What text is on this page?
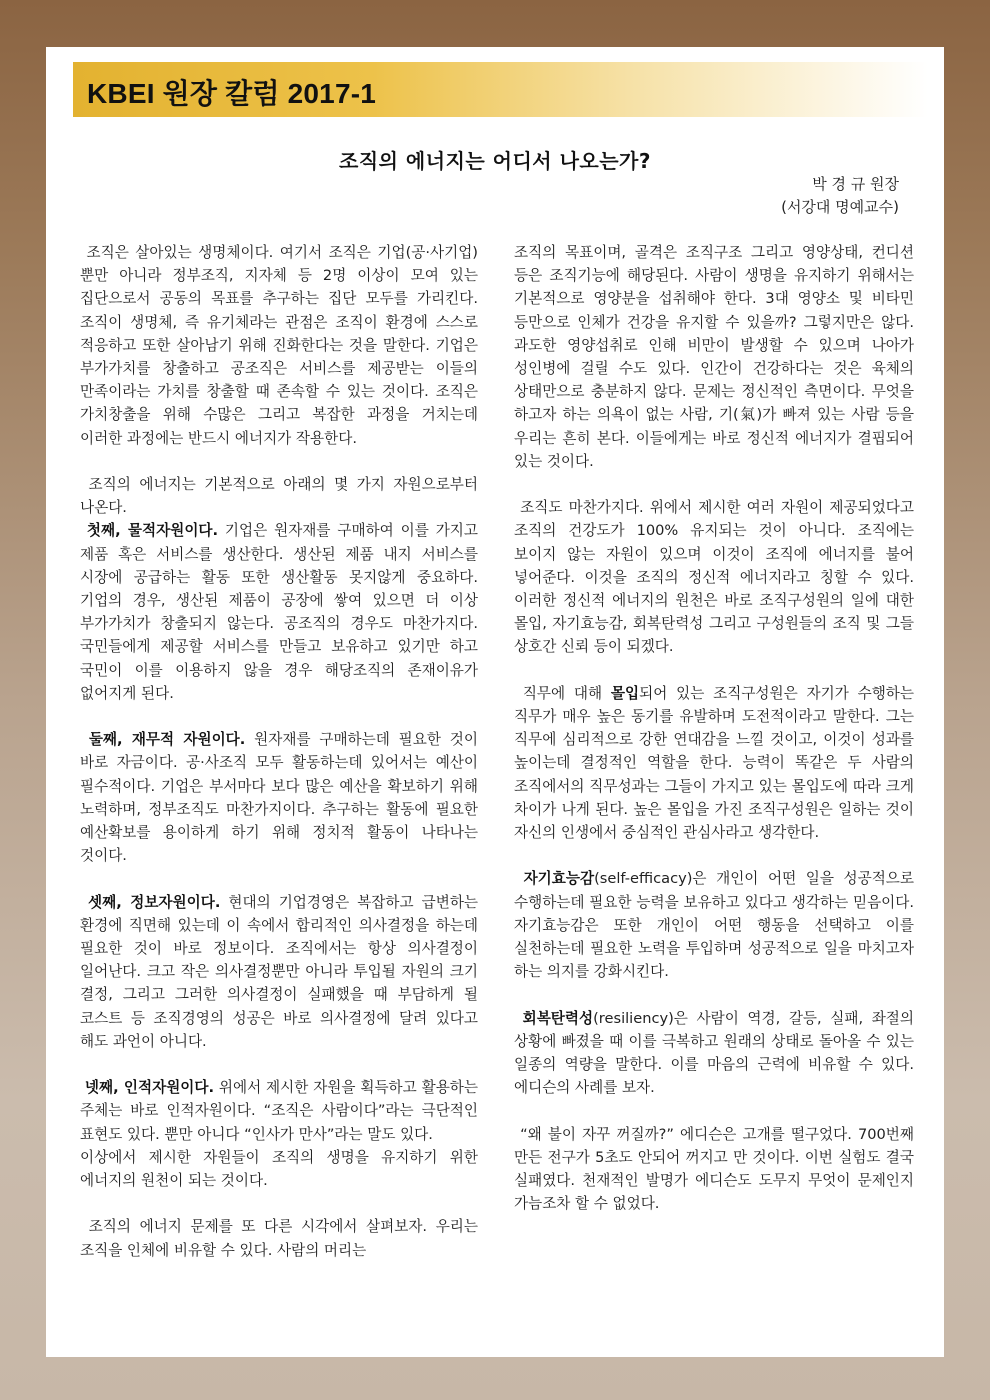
KBEI 원장 칼럼 2017-1
조직의 에너지는 어디서 나오는가?
박 경 규 원장
(서강대 명예교수)

조직은 살아있는 생명체이다. 여기서 조직은 기업(공·사기업) 뿐만 아니라 정부조직, 지자체 등 2명 이상이 모여 있는 집단으로서 공동의 목표를 추구하는 집단 모두를 가리킨다. 조직이 생명체, 즉 유기체라는 관점은 조직이 환경에 스스로 적응하고 또한 살아남기 위해 진화한다는 것을 말한다. 기업은 부가가치를 창출하고 공조직은 서비스를 제공받는 이들의 만족이라는 가치를 창출할 때 존속할 수 있는 것이다. 조직은 가치창출을 위해 수많은 그리고 복잡한 과정을 거치는데 이러한 과정에는 반드시 에너지가 작용한다.

조직의 에너지는 기본적으로 아래의 몇 가지 자원으로부터 나온다.

첫째, 물적자원이다. 기업은 원자재를 구매하여 이를 가지고 제품 혹은 서비스를 생산한다. 생산된 제품 내지 서비스를 시장에 공급하는 활동 또한 생산활동 못지않게 중요하다. 기업의 경우, 생산된 제품이 공장에 쌓여 있으면 더 이상 부가가치가 창출되지 않는다. 공조직의 경우도 마찬가지다. 국민들에게 제공할 서비스를 만들고 보유하고 있기만 하고 국민이 이를 이용하지 않을 경우 해당조직의 존재이유가 없어지게 된다.

둘째, 재무적 자원이다. 원자재를 구매하는데 필요한 것이 바로 자금이다. 공·사조직 모두 활동하는데 있어서는 예산이 필수적이다. 기업은 부서마다 보다 많은 예산을 확보하기 위해 노력하며, 정부조직도 마찬가지이다. 추구하는 활동에 필요한 예산확보를 용이하게 하기 위해 정치적 활동이 나타나는 것이다.

셋째, 정보자원이다. 현대의 기업경영은 복잡하고 급변하는 환경에 직면해 있는데 이 속에서 합리적인 의사결정을 하는데 필요한 것이 바로 정보이다. 조직에서는 항상 의사결정이 일어난다. 크고 작은 의사결정뿐만 아니라 투입될 자원의 크기 결정, 그리고 그러한 의사결정이 실패했을 때 부담하게 될 코스트 등 조직경영의 성공은 바로 의사결정에 달려 있다고 해도 과언이 아니다.

넷째, 인적자원이다. 위에서 제시한 자원을 획득하고 활용하는 주체는 바로 인적자원이다. “조직은 사람이다”라는 극단적인 표현도 있다. 뿐만 아니다 “인사가 만사”라는 말도 있다.

이상에서 제시한 자원들이 조직의 생명을 유지하기 위한 에너지의 원천이 되는 것이다.

조직의 에너지 문제를 또 다른 시각에서 살펴보자. 우리는 조직을 인체에 비유할 수 있다. 사람의 머리는

조직의 목표이며, 골격은 조직구조 그리고 영양상태, 컨디션 등은 조직기능에 해당된다. 사람이 생명을 유지하기 위해서는 기본적으로 영양분을 섭취해야 한다. 3대 영양소 및 비타민 등만으로 인체가 건강을 유지할 수 있을까? 그렇지만은 않다. 과도한 영양섭취로 인해 비만이 발생할 수 있으며 나아가 성인병에 걸릴 수도 있다. 인간이 건강하다는 것은 육체의 상태만으로 충분하지 않다. 문제는 정신적인 측면이다. 무엇을 하고자 하는 의욕이 없는 사람, 기(氣)가 빠져 있는 사람 등을 우리는 흔히 본다. 이들에게는 바로 정신적 에너지가 결핍되어 있는 것이다.

조직도 마찬가지다. 위에서 제시한 여러 자원이 제공되었다고 조직의 건강도가 100% 유지되는 것이 아니다. 조직에는 보이지 않는 자원이 있으며 이것이 조직에 에너지를 불어 넣어준다. 이것을 조직의 정신적 에너지라고 칭할 수 있다. 이러한 정신적 에너지의 원천은 바로 조직구성원의 일에 대한 몰입, 자기효능감, 회복탄력성 그리고 구성원들의 조직 및 그들 상호간 신뢰 등이 되겠다.

직무에 대해 몰입되어 있는 조직구성원은 자기가 수행하는 직무가 매우 높은 동기를 유발하며 도전적이라고 말한다. 그는 직무에 심리적으로 강한 연대감을 느낄 것이고, 이것이 성과를 높이는데 결정적인 역할을 한다. 능력이 똑같은 두 사람의 조직에서의 직무성과는 그들이 가지고 있는 몰입도에 따라 크게 차이가 나게 된다. 높은 몰입을 가진 조직구성원은 일하는 것이 자신의 인생에서 중심적인 관심사라고 생각한다.

자기효능감(self-efficacy)은 개인이 어떤 일을 성공적으로 수행하는데 필요한 능력을 보유하고 있다고 생각하는 믿음이다. 자기효능감은 또한 개인이 어떤 행동을 선택하고 이를 실천하는데 필요한 노력을 투입하며 성공적으로 일을 마치고자 하는 의지를 강화시킨다.

회복탄력성(resiliency)은 사람이 역경, 갈등, 실패, 좌절의 상황에 빠졌을 때 이를 극복하고 원래의 상태로 돌아올 수 있는 일종의 역량을 말한다. 이를 마음의 근력에 비유할 수 있다. 에디슨의 사례를 보자.

“왜 불이 자꾸 꺼질까?” 에디슨은 고개를 떨구었다. 700번째 만든 전구가 5초도 안되어 꺼지고 만 것이다. 이번 실험도 결국 실패였다. 천재적인 발명가 에디슨도 도무지 무엇이 문제인지 가늠조차 할 수 없었다.
